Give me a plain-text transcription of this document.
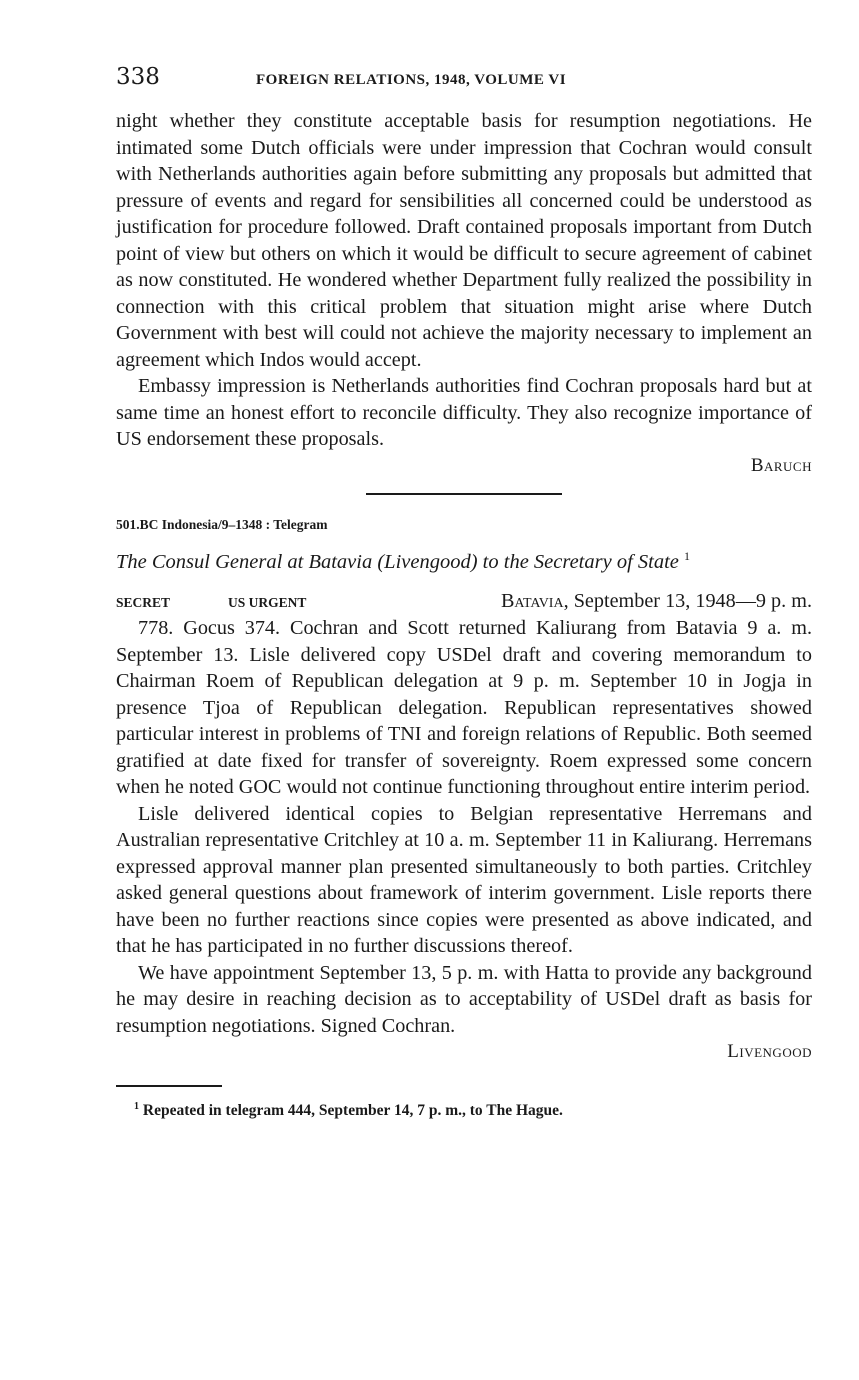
338	FOREIGN RELATIONS, 1948, VOLUME VI

night whether they constitute acceptable basis for resumption negotiations. He intimated some Dutch officials were under impression that Cochran would consult with Netherlands authorities again before submitting any proposals but admitted that pressure of events and regard for sensibilities all concerned could be understood as justification for procedure followed. Draft contained proposals important from Dutch point of view but others on which it would be difficult to secure agreement of cabinet as now constituted. He wondered whether Department fully realized the possibility in connection with this critical problem that situation might arise where Dutch Government with best will could not achieve the majority necessary to implement an agreement which Indos would accept.

Embassy impression is Netherlands authorities find Cochran proposals hard but at same time an honest effort to reconcile difficulty. They also recognize importance of US endorsement these proposals.

Baruch
501.BC Indonesia/9–1348 : Telegram
The Consul General at Batavia (Livengood) to the Secretary of State $^1$
SECRET	US URGENT	Batavia, September 13, 1948—9 p. m.

778. Gocus 374. Cochran and Scott returned Kaliurang from Batavia 9 a. m. September 13. Lisle delivered copy USDel draft and covering memorandum to Chairman Roem of Republican delegation at 9 p. m. September 10 in Jogja in presence Tjoa of Republican delegation. Republican representatives showed particular interest in problems of TNI and foreign relations of Republic. Both seemed gratified at date fixed for transfer of sovereignty. Roem expressed some concern when he noted GOC would not continue functioning throughout entire interim period.

Lisle delivered identical copies to Belgian representative Herremans and Australian representative Critchley at 10 a. m. September 11 in Kaliurang. Herremans expressed approval manner plan presented simultaneously to both parties. Critchley asked general questions about framework of interim government. Lisle reports there have been no further reactions since copies were presented as above indicated, and that he has participated in no further discussions thereof.

We have appointment September 13, 5 p. m. with Hatta to provide any background he may desire in reaching decision as to acceptability of USDel draft as basis for resumption negotiations. Signed Cochran.

Livengood
$^1$ Repeated in telegram 444, September 14, 7 p. m., to The Hague.
